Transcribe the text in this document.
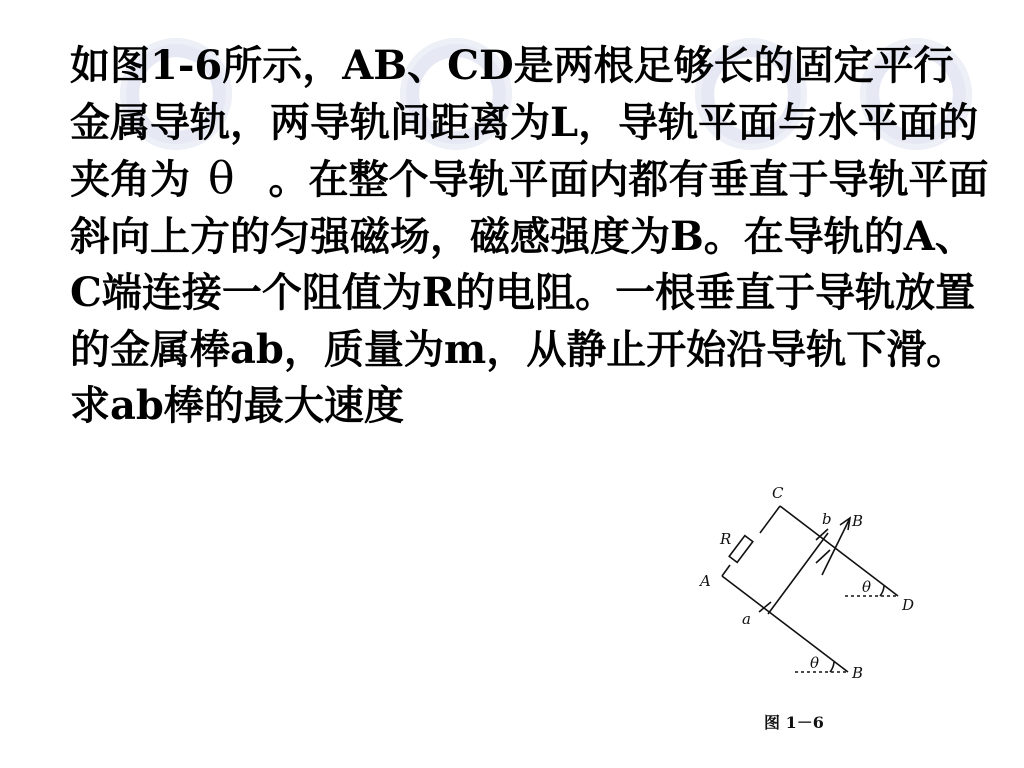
如图1-6所示，AB、CD是两根足够长的固定平行金属导轨，两导轨间距离为L，导轨平面与水平面的夹角为 θ 。在整个导轨平面内都有垂直于导轨平面斜向上方的匀强磁场，磁感强度为B。在导轨的A、C端连接一个阻值为R的电阻。一根垂直于导轨放置的金属棒ab，质量为m，从静止开始沿导轨下滑。求ab棒的最大速度

C
b B
R
A
a
θ
D
θ
B
图 1－6
